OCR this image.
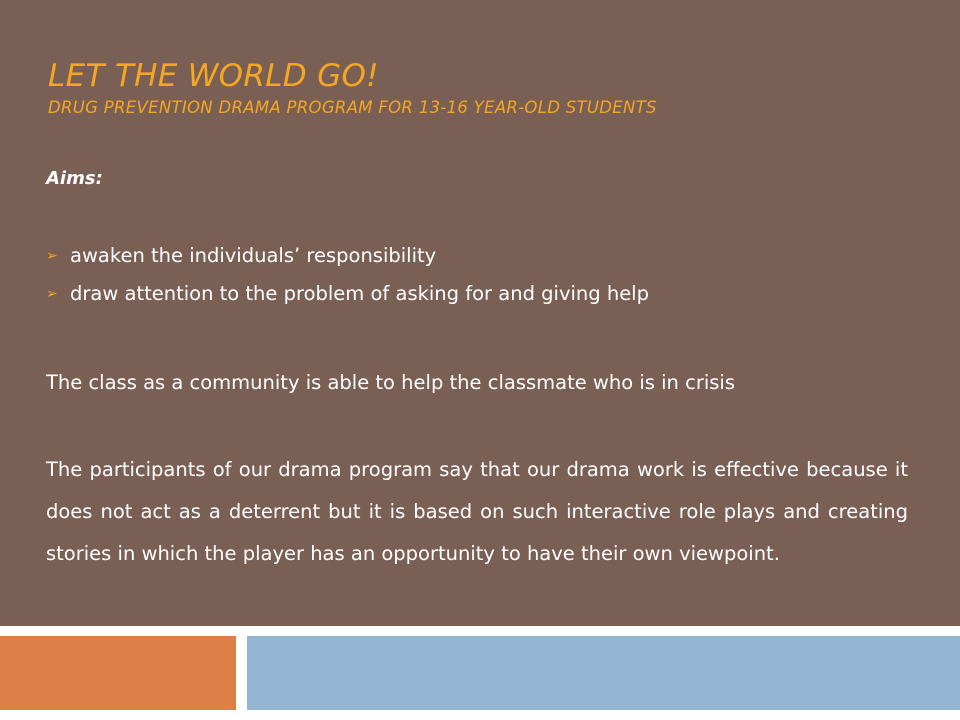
LET THE WORLD GO!
DRUG PREVENTION DRAMA PROGRAM FOR 13-16 YEAR-OLD STUDENTS
Aims:
➢ awaken the individuals’ responsibility
➢ draw attention to the problem of asking for and giving help

The class as a community is able to help the classmate who is in crisis

The participants of our drama program say that our drama work is effective because it does not act as a deterrent but it is based on such interactive role plays and creating stories in which the player has an opportunity to have their own viewpoint.
